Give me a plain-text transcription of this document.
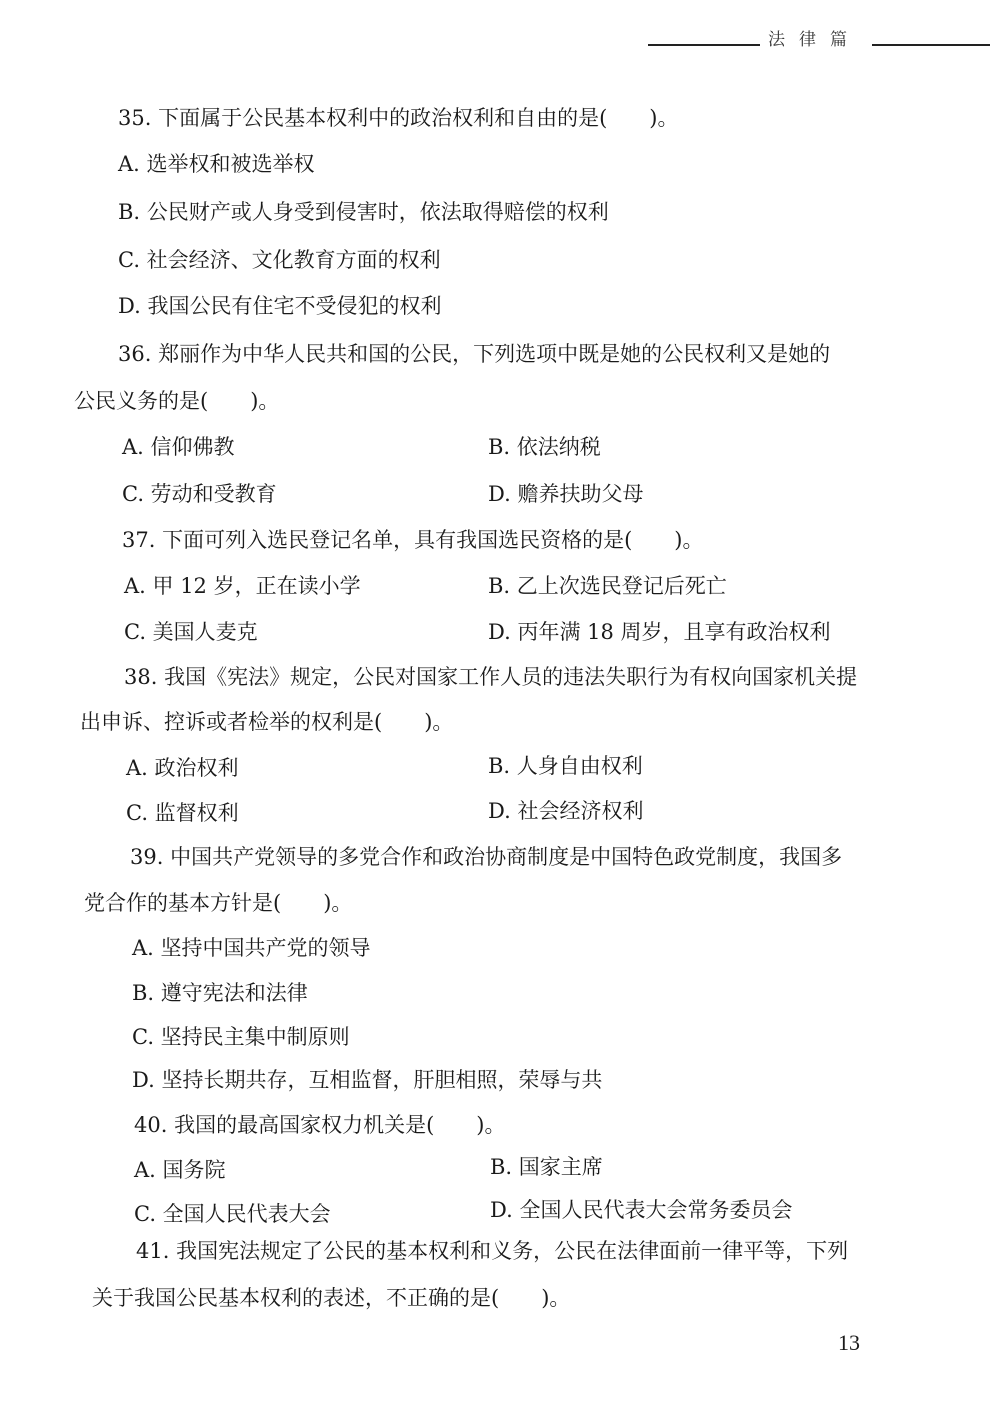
法律篇
35. 下面属于公民基本权利中的政治权利和自由的是(　　)。
A. 选举权和被选举权
B. 公民财产或人身受到侵害时，依法取得赔偿的权利
C. 社会经济、文化教育方面的权利
D. 我国公民有住宅不受侵犯的权利
36. 郑丽作为中华人民共和国的公民，下列选项中既是她的公民权利又是她的
公民义务的是(　　)。
A. 信仰佛教	B. 依法纳税
C. 劳动和受教育	D. 赡养扶助父母
37. 下面可列入选民登记名单，具有我国选民资格的是(　　)。
A. 甲 12 岁，正在读小学	B. 乙上次选民登记后死亡
C. 美国人麦克	D. 丙年满 18 周岁，且享有政治权利
38. 我国《宪法》规定，公民对国家工作人员的违法失职行为有权向国家机关提
出申诉、控诉或者检举的权利是(　　)。
A. 政治权利	B. 人身自由权利
C. 监督权利	D. 社会经济权利
39. 中国共产党领导的多党合作和政治协商制度是中国特色政党制度，我国多
党合作的基本方针是(　　)。
A. 坚持中国共产党的领导
B. 遵守宪法和法律
C. 坚持民主集中制原则
D. 坚持长期共存，互相监督，肝胆相照，荣辱与共
40. 我国的最高国家权力机关是(　　)。
A. 国务院	B. 国家主席
C. 全国人民代表大会	D. 全国人民代表大会常务委员会
41. 我国宪法规定了公民的基本权利和义务，公民在法律面前一律平等，下列
关于我国公民基本权利的表述，不正确的是(　　)。
13
